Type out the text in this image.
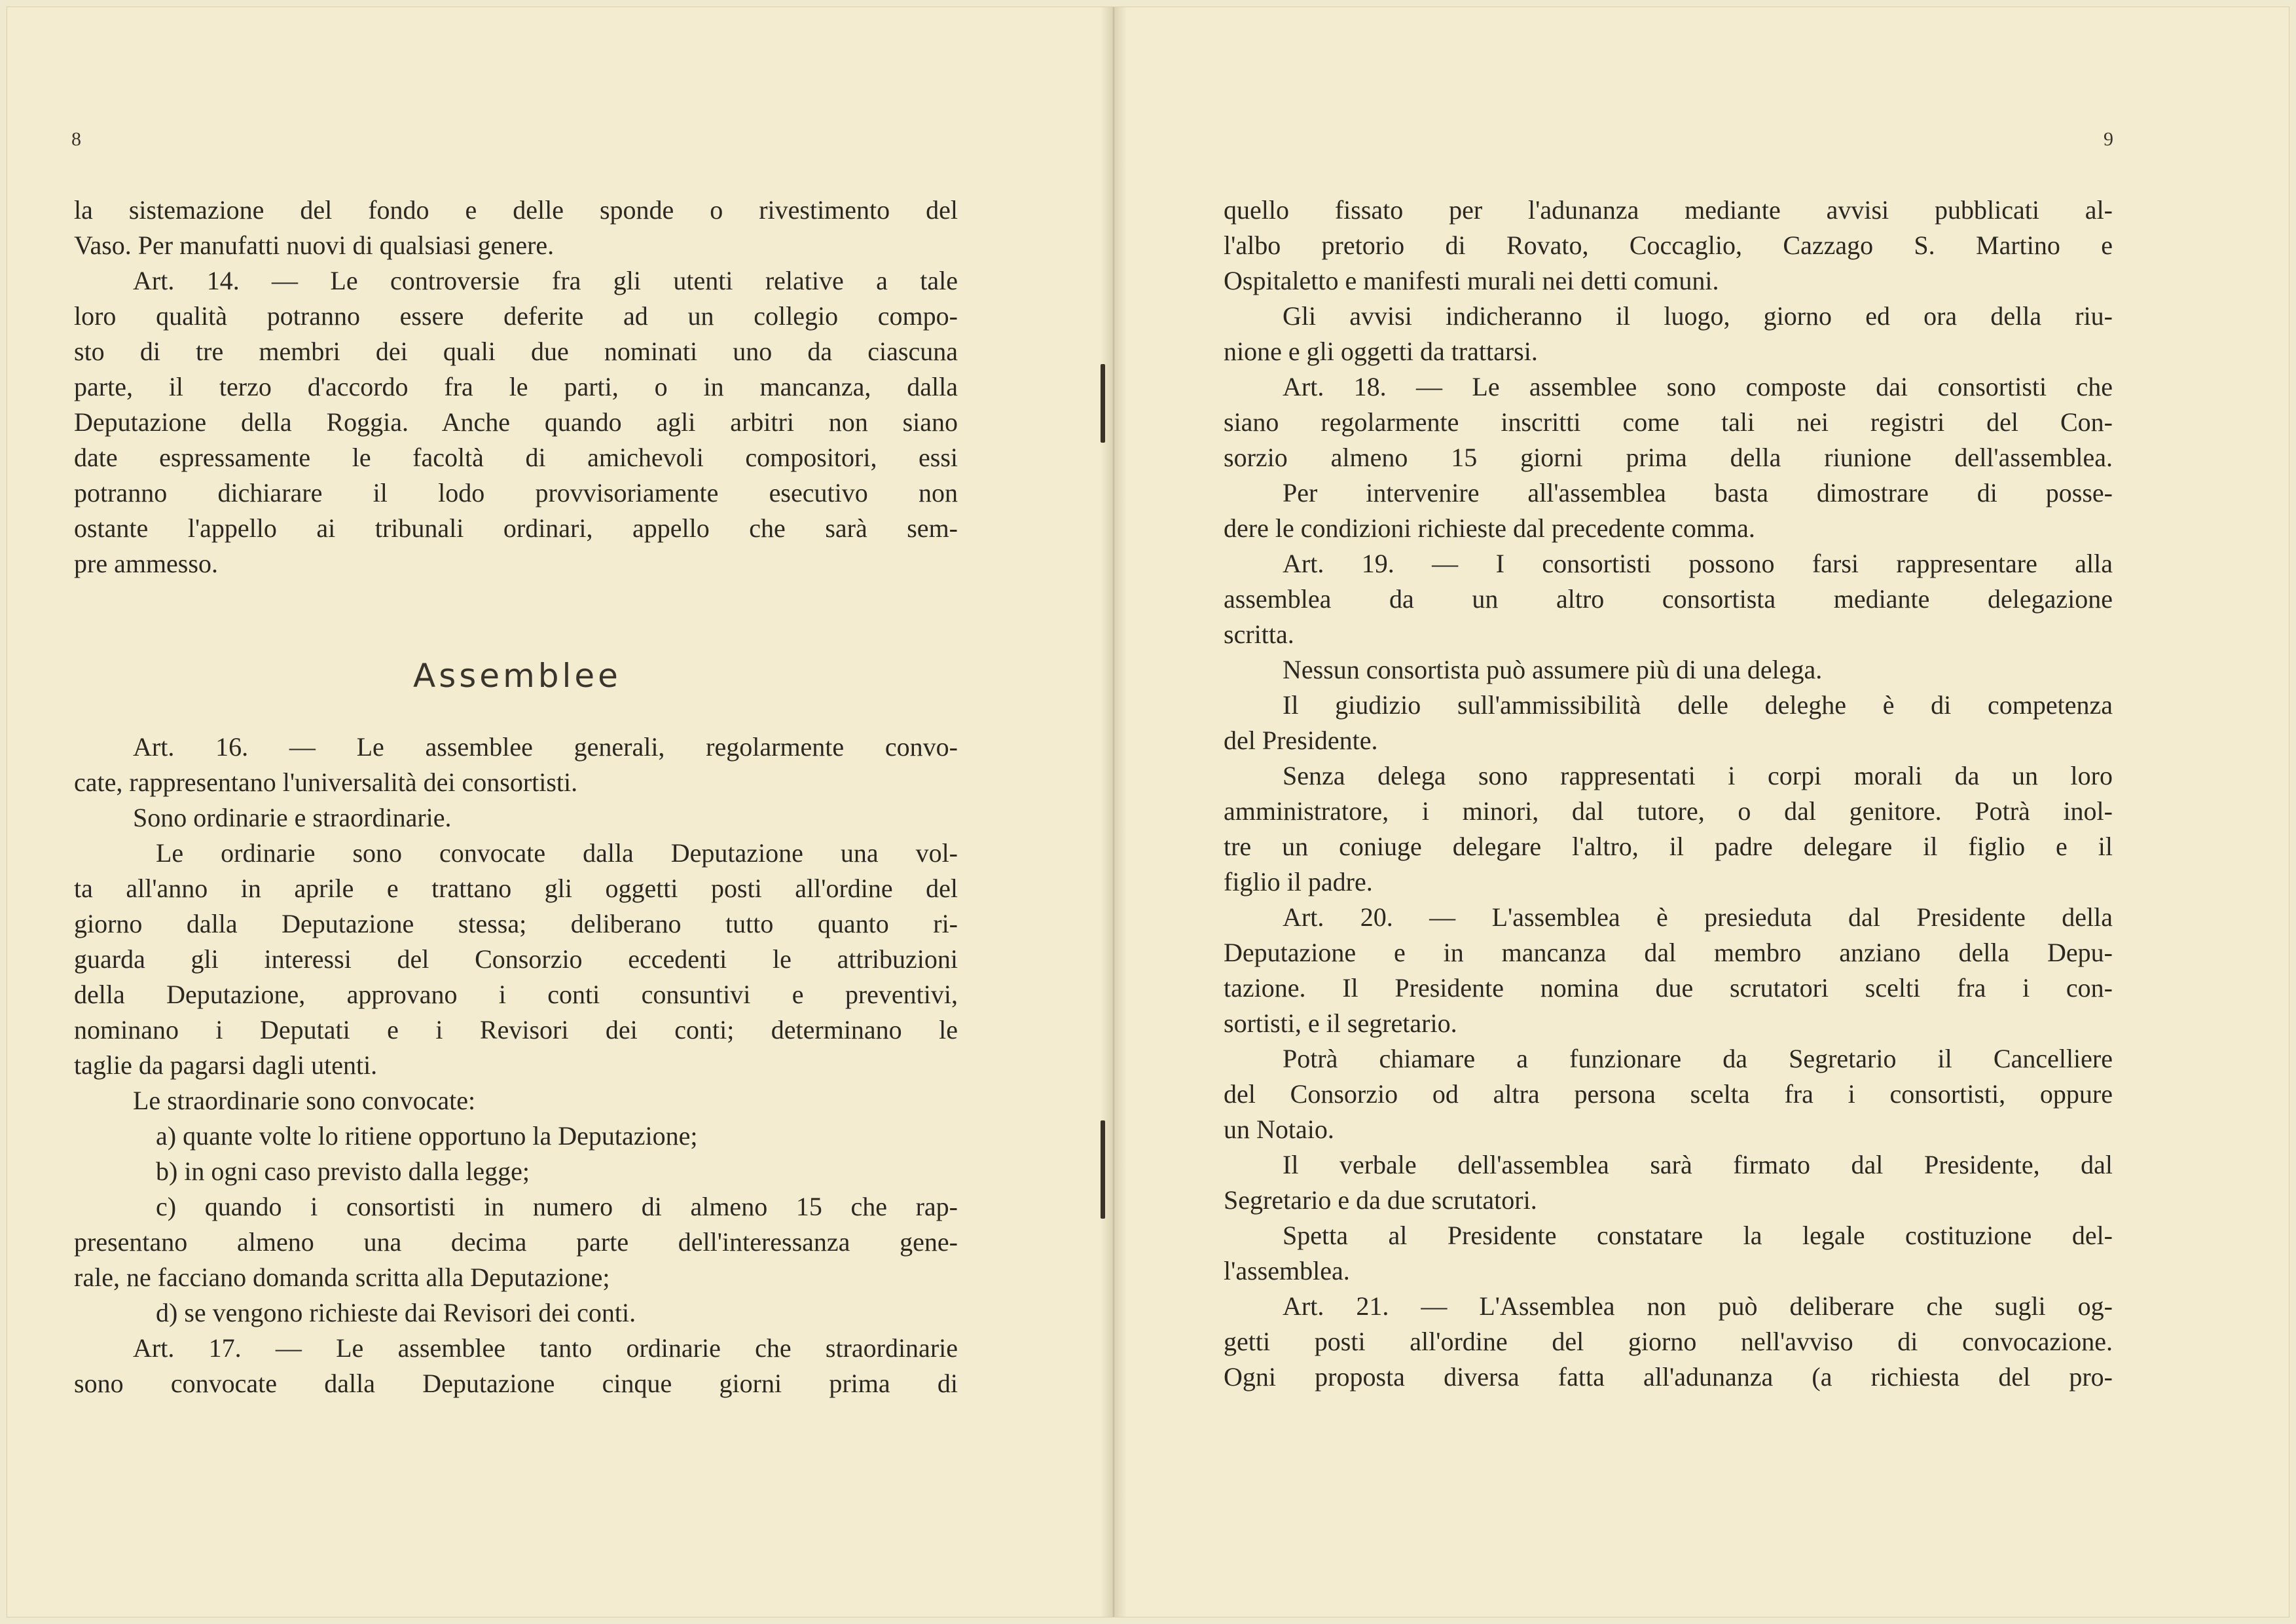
8

la sistemazione del fondo e delle sponde o rivestimento del

Vaso. Per manufatti nuovi di qualsiasi genere.

Art. 14. — Le controversie fra gli utenti relative a tale

loro qualità potranno essere deferite ad un collegio compo-

sto di tre membri dei quali due nominati uno da ciascuna

parte, il terzo d'accordo fra le parti, o in mancanza, dalla

Deputazione della Roggia. Anche quando agli arbitri non siano

date espressamente le facoltà di amichevoli compositori, essi

potranno dichiarare il lodo provvisoriamente esecutivo non

ostante l'appello ai tribunali ordinari, appello che sarà sem-

pre ammesso.

Assemblee

Art. 16. — Le assemblee generali, regolarmente convo-

cate, rappresentano l'universalità dei consortisti.

Sono ordinarie e straordinarie.

Le ordinarie sono convocate dalla Deputazione una vol-

ta all'anno in aprile e trattano gli oggetti posti all'ordine del

giorno dalla Deputazione stessa; deliberano tutto quanto ri-

guarda gli interessi del Consorzio eccedenti le attribuzioni

della Deputazione, approvano i conti consuntivi e preventivi,

nominano i Deputati e i Revisori dei conti; determinano le

taglie da pagarsi dagli utenti.

Le straordinarie sono convocate:

a) quante volte lo ritiene opportuno la Deputazione;

b) in ogni caso previsto dalla legge;

c) quando i consortisti in numero di almeno 15 che rap-

presentano almeno una decima parte dell'interessanza gene-

rale, ne facciano domanda scritta alla Deputazione;

d) se vengono richieste dai Revisori dei conti.

Art. 17. — Le assemblee tanto ordinarie che straordinarie

sono convocate dalla Deputazione cinque giorni prima di

9

quello fissato per l'adunanza mediante avvisi pubblicati al-

l'albo pretorio di Rovato, Coccaglio, Cazzago S. Martino e

Ospitaletto e manifesti murali nei detti comuni.

Gli avvisi indicheranno il luogo, giorno ed ora della riu-

nione e gli oggetti da trattarsi.

Art. 18. — Le assemblee sono composte dai consortisti che

siano regolarmente inscritti come tali nei registri del Con-

sorzio almeno 15 giorni prima della riunione dell'assemblea.

Per intervenire all'assemblea basta dimostrare di posse-

dere le condizioni richieste dal precedente comma.

Art. 19. — I consortisti possono farsi rappresentare alla

assemblea da un altro consortista mediante delegazione

scritta.

Nessun consortista può assumere più di una delega.

Il giudizio sull'ammissibilità delle deleghe è di competenza

del Presidente.

Senza delega sono rappresentati i corpi morali da un loro

amministratore, i minori, dal tutore, o dal genitore. Potrà inol-

tre un coniuge delegare l'altro, il padre delegare il figlio e il

figlio il padre.

Art. 20. — L'assemblea è presieduta dal Presidente della

Deputazione e in mancanza dal membro anziano della Depu-

tazione. Il Presidente nomina due scrutatori scelti fra i con-

sortisti, e il segretario.

Potrà chiamare a funzionare da Segretario il Cancelliere

del Consorzio od altra persona scelta fra i consortisti, oppure

un Notaio.

Il verbale dell'assemblea sarà firmato dal Presidente, dal

Segretario e da due scrutatori.

Spetta al Presidente constatare la legale costituzione del-

l'assemblea.

Art. 21. — L'Assemblea non può deliberare che sugli og-

getti posti all'ordine del giorno nell'avviso di convocazione.

Ogni proposta diversa fatta all'adunanza (a richiesta del pro-
